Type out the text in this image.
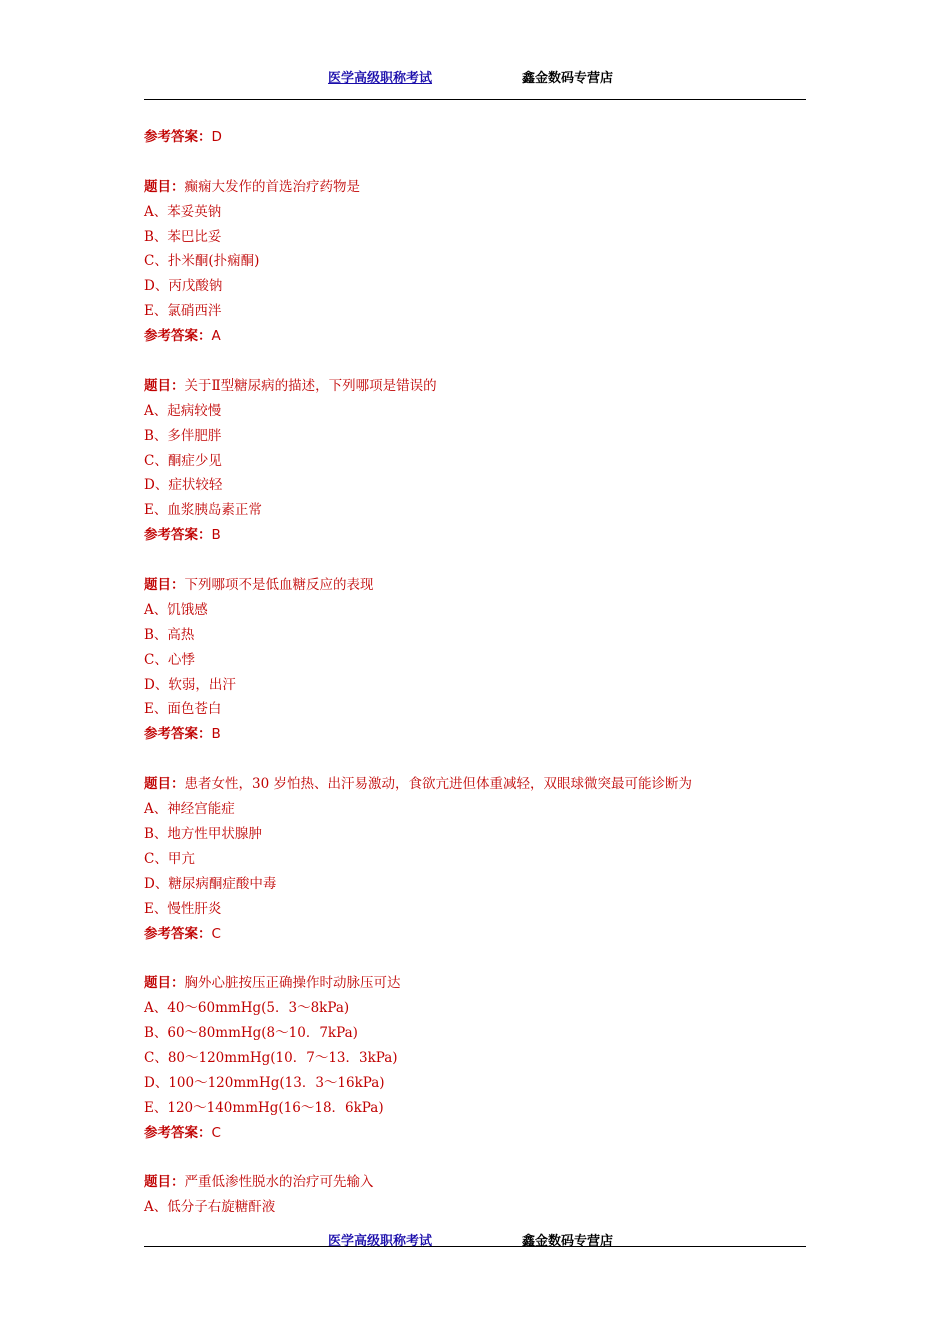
医学高级职称考试	鑫金数码专营店
参考答案：D
题目：癫痫大发作的首选治疗药物是
A、苯妥英钠
B、苯巴比妥
C、扑米酮(扑痫酮)
D、丙戊酸钠
E、氯硝西泮
参考答案：A
题目：关于Ⅱ型糖尿病的描述，下列哪项是错误的
A、起病较慢
B、多伴肥胖
C、酮症少见
D、症状较轻
E、血浆胰岛素正常
参考答案：B
题目：下列哪项不是低血糖反应的表现
A、饥饿感
B、高热
C、心悸
D、软弱，出汗
E、面色苍白
参考答案：B
题目：患者女性，30 岁怕热、出汗易激动，食欲亢进但体重减轻，双眼球微突最可能诊断为
A、神经宫能症
B、地方性甲状腺肿
C、甲亢
D、糖尿病酮症酸中毒
E、慢性肝炎
参考答案：C
题目：胸外心脏按压正确操作时动脉压可达
A、40～60mmHg(5．3～8kPa)
B、60～80mmHg(8～10．7kPa)
C、80～120mmHg(10．7～13．3kPa)
D、100～120mmHg(13．3～16kPa)
E、120～140mmHg(16～18．6kPa)
参考答案：C
题目：严重低渗性脱水的治疗可先输入
A、低分子右旋糖酐液
医学高级职称考试	鑫金数码专营店
